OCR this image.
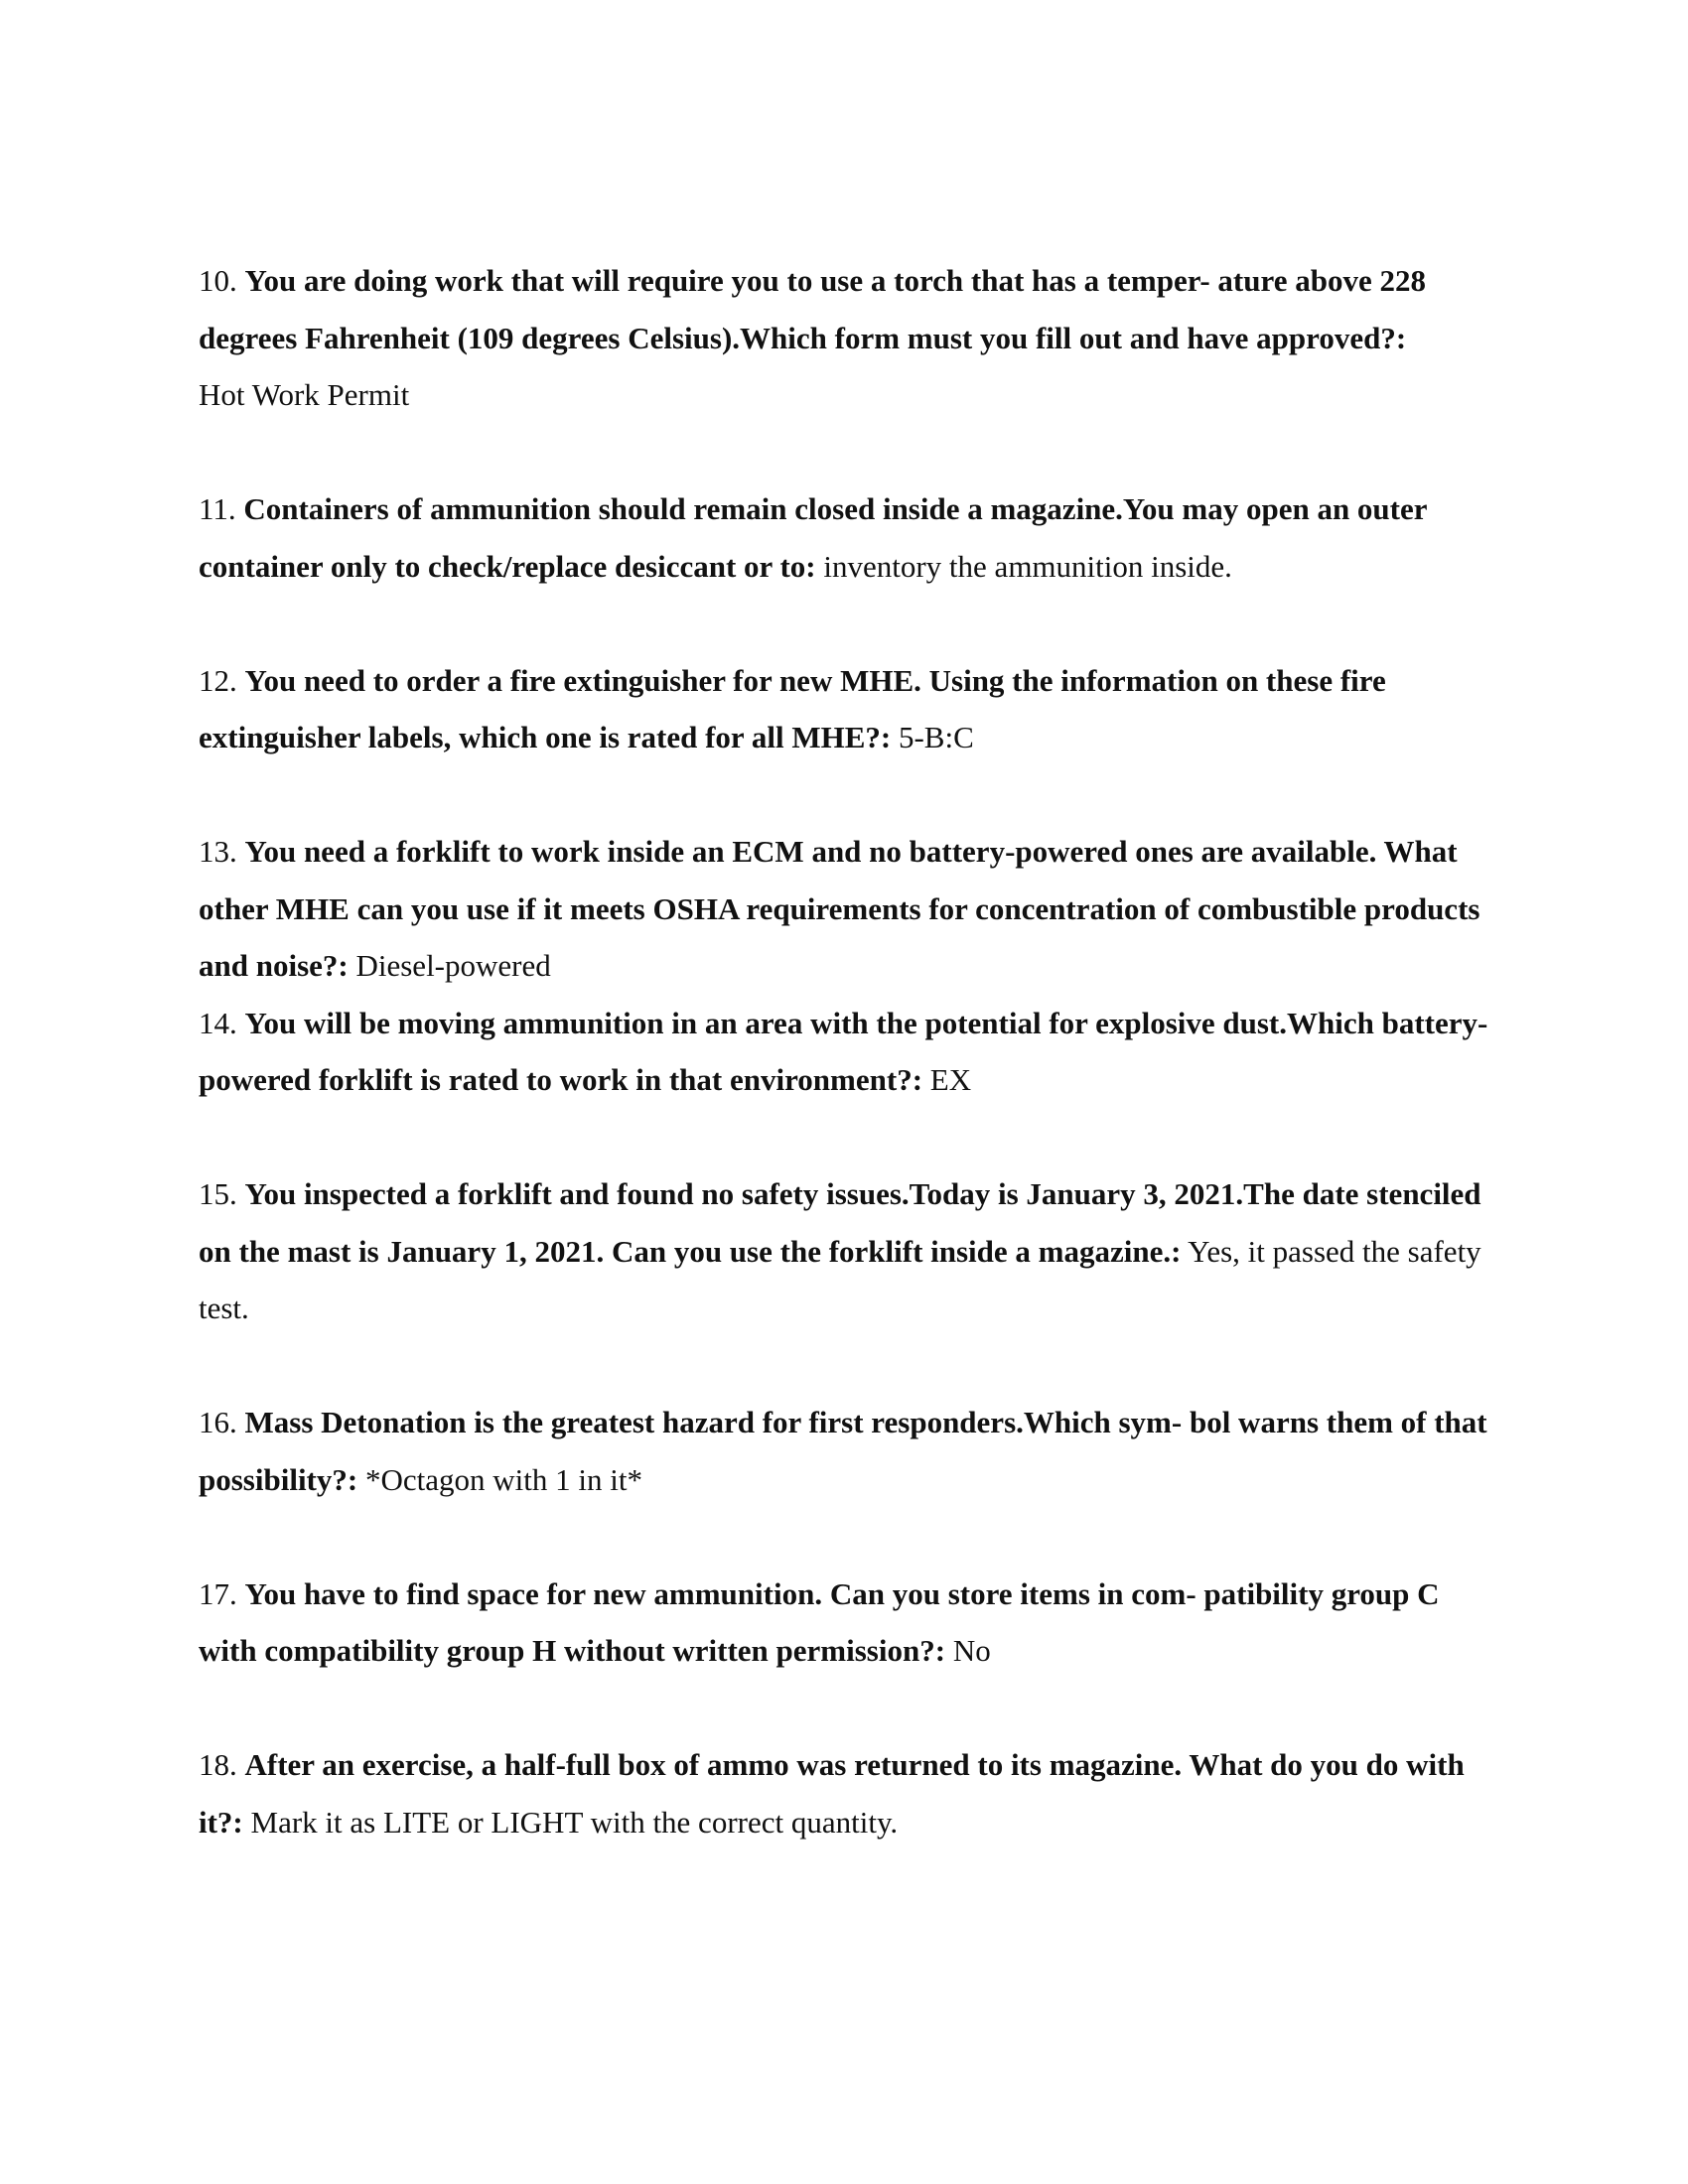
10. You are doing work that will require you to use a torch that has a temper- ature above 228 degrees Fahrenheit (109 degrees Celsius).Which form must you fill out and have approved?:
Hot Work Permit

11. Containers of ammunition should remain closed inside a magazine.You may open an outer container only to check/replace desiccant or to: inventory the ammunition inside.

12. You need to order a fire extinguisher for new MHE. Using the information on these fire extinguisher labels, which one is rated for all MHE?: 5-B:C

13. You need a forklift to work inside an ECM and no battery-powered ones are available. What other MHE can you use if it meets OSHA requirements for concentration of combustible products and noise?: Diesel-powered

14. You will be moving ammunition in an area with the potential for explosive dust.Which battery-powered forklift is rated to work in that environment?: EX

15. You inspected a forklift and found no safety issues.Today is January 3, 2021.The date stenciled on the mast is January 1, 2021. Can you use the forklift inside a magazine.: Yes, it passed the safety test.

16. Mass Detonation is the greatest hazard for first responders.Which sym- bol warns them of that possibility?: *Octagon with 1 in it*

17. You have to find space for new ammunition. Can you store items in com- patibility group C with compatibility group H without written permission?: No

18. After an exercise, a half-full box of ammo was returned to its magazine. What do you do with it?: Mark it as LITE or LIGHT with the correct quantity.
